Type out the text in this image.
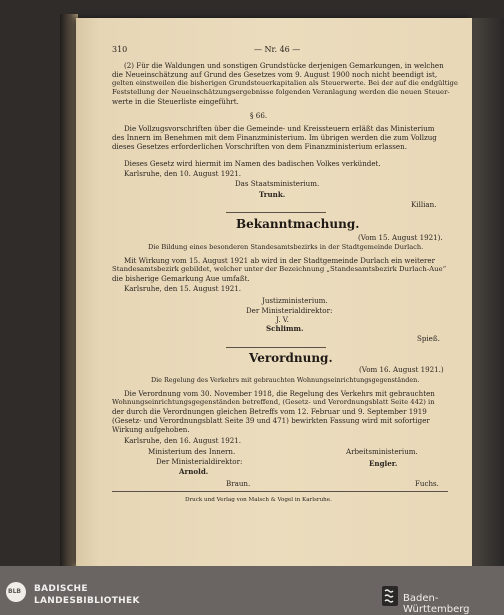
310	— Nr. 46 —
(2) Für die Waldungen und sonstigen Grundstücke derjenigen Gemarkungen, in welchen
die Neueinschätzung auf Grund des Gesetzes vom 9. August 1900 noch nicht beendigt ist,
gelten einstweilen die bisherigen Grundsteuerkapitalien als Steuerwerte. Bei der auf die endgültige
Feststellung der Neueinschätzungsergebnisse folgenden Veranlagung werden die neuen Steuer-
werte in die Steuerliste eingeführt.
§ 66.
Die Vollzugsvorschriften über die Gemeinde- und Kreissteuern erläßt das Ministerium
des Innern im Benehmen mit dem Finanzministerium. Im übrigen werden die zum Vollzug
dieses Gesetzes erforderlichen Vorschriften von dem Finanzministerium erlassen.
Dieses Gesetz wird hiermit im Namen des badischen Volkes verkündet.
Karlsruhe, den 10. August 1921.
Das Staatsministerium.
Trunk.
Killian.
Bekanntmachung.
(Vom 15. August 1921).
Die Bildung eines besonderen Standesamtsbezirks in der Stadtgemeinde Durlach.
Mit Wirkung vom 15. August 1921 ab wird in der Stadtgemeinde Durlach ein weiterer
Standesamtsbezirk gebildet, welcher unter der Bezeichnung „Standesamtsbezirk Durlach-Aue“
die bisherige Gemarkung Aue umfaßt.
Karlsruhe, den 15. August 1921.
Justizministerium.
Der Ministerialdirektor:
J. V.
Schlimm.
Spieß.
Verordnung.
(Vom 16. August 1921.)
Die Regelung des Verkehrs mit gebrauchten Wohnungseinrichtungsgegenständen.
Die Verordnung vom 30. November 1918, die Regelung des Verkehrs mit gebrauchten
Wohnungseinrichtungsgegenständen betreffend, (Gesetz- und Verordnungsblatt Seite 442) in
der durch die Verordnungen gleichen Betreffs vom 12. Februar und 9. September 1919
(Gesetz- und Verordnungsblatt Seite 39 und 471) bewirkten Fassung wird mit sofortiger
Wirkung aufgehoben.
Karlsruhe, den 16. August 1921.
Ministerium des Innern.	Arbeitsministerium.
Der Ministerialdirektor:
Arnold.
Engler.
Braun.	Fuchs.
Druck und Verlag von Malsch & Vogel in Karlsruhe.
BLB BADISCHE
LANDESBIBLIOTHEK	Baden-Württemberg
